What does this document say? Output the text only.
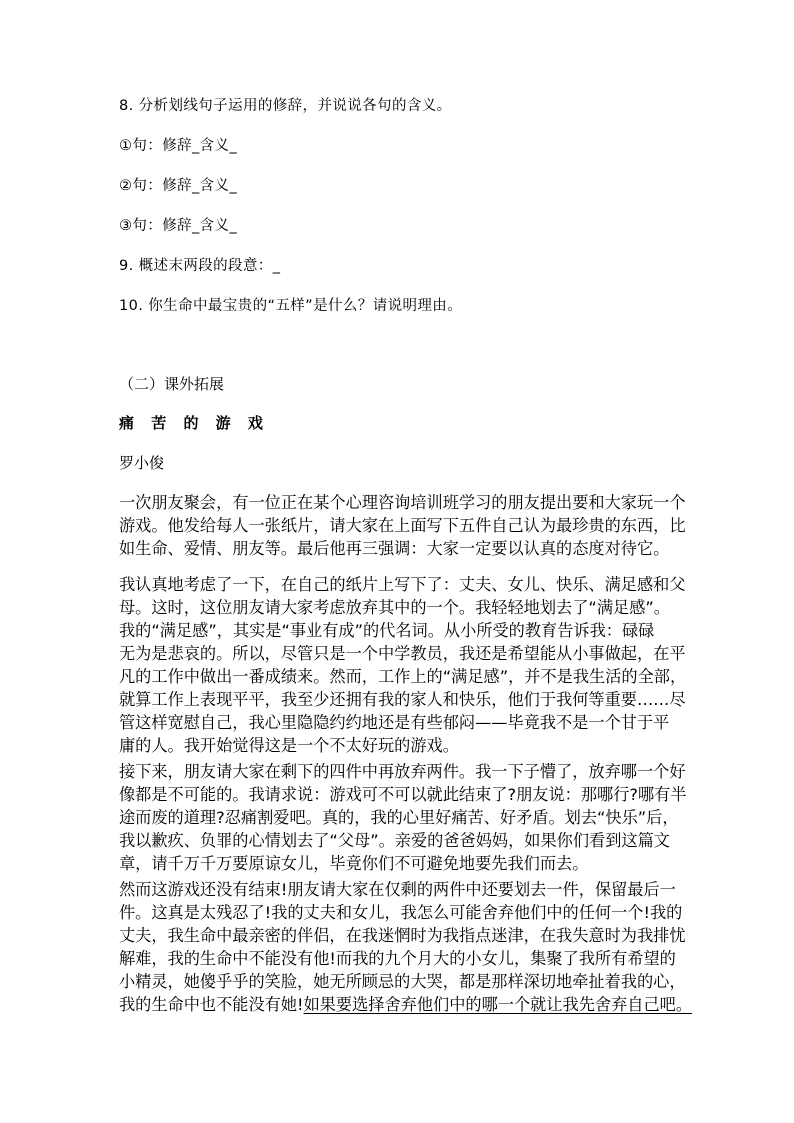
8. 分析划线句子运用的修辞，并说说各句的含义。
①句：修辞_含义_
②句：修辞_含义_
③句：修辞_含义_
9. 概述末两段的段意：_
10. 你生命中最宝贵的“五样”是什么？请说明理由。
（二）课外拓展
痛 苦 的 游 戏
罗小俊
一次朋友聚会，有一位正在某个心理咨询培训班学习的朋友提出要和大家玩一个
游戏。他发给每人一张纸片，请大家在上面写下五件自己认为最珍贵的东西，比
如生命、爱情、朋友等。最后他再三强调：大家一定要以认真的态度对待它。
我认真地考虑了一下，在自己的纸片上写下了：丈夫、女儿、快乐、满足感和父
母。这时，这位朋友请大家考虑放弃其中的一个。我轻轻地划去了“满足感”。
我的“满足感”，其实是“事业有成”的代名词。从小所受的教育告诉我：碌碌
无为是悲哀的。所以，尽管只是一个中学教员，我还是希望能从小事做起，在平
凡的工作中做出一番成绩来。然而，工作上的“满足感”，并不是我生活的全部，
就算工作上表现平平，我至少还拥有我的家人和快乐，他们于我何等重要……尽
管这样宽慰自己，我心里隐隐约约地还是有些郁闷——毕竟我不是一个甘于平
庸的人。我开始觉得这是一个不太好玩的游戏。
接下来，朋友请大家在剩下的四件中再放弃两件。我一下子懵了，放弃哪一个好
像都是不可能的。我请求说：游戏可不可以就此结束了?朋友说：那哪行?哪有半
途而废的道理?忍痛割爱吧。真的，我的心里好痛苦、好矛盾。划去“快乐”后，
我以歉疚、负罪的心情划去了“父母”。亲爱的爸爸妈妈，如果你们看到这篇文
章，请千万千万要原谅女儿，毕竟你们不可避免地要先我们而去。
然而这游戏还没有结束!朋友请大家在仅剩的两件中还要划去一件，保留最后一
件。这真是太残忍了!我的丈夫和女儿，我怎么可能舍弃他们中的任何一个!我的
丈夫，我生命中最亲密的伴侣，在我迷惘时为我指点迷津，在我失意时为我排忧
解难，我的生命中不能没有他!而我的九个月大的小女儿，集聚了我所有希望的
小精灵，她傻乎乎的笑脸，她无所顾忌的大哭，都是那样深切地牵扯着我的心，
我的生命中也不能没有她!如果要选择舍弃他们中的哪一个就让我先舍弃自己吧。
